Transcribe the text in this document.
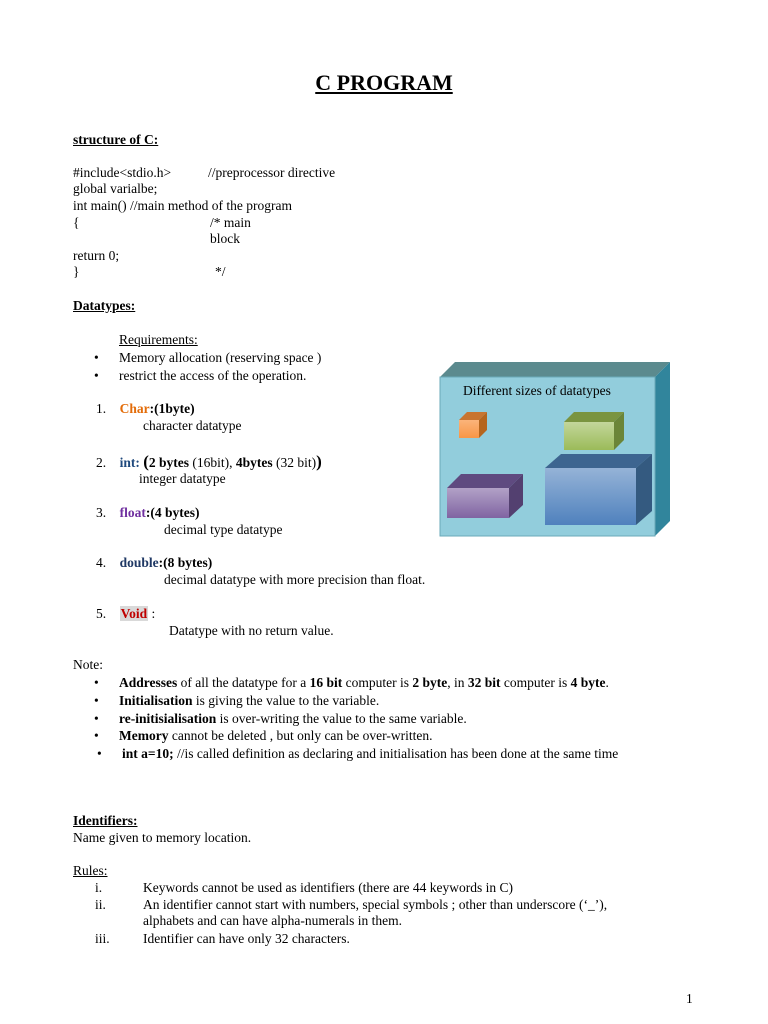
C PROGRAM
structure of C:
#include<stdio.h>	//preprocessor directive
global varialbe;
int main() //main method of the program
{	/* main
block
return 0;
}	*/
Datatypes:
Requirements:
• Memory allocation (reserving space )
• restrict the access of the operation.
1. Char:(1byte)
character datatype
2. int: (2 bytes (16bit), 4bytes (32 bit))
integer datatype
3. float:(4 bytes)
decimal type datatype
4. double:(8 bytes)
decimal datatype with more precision than float.
5. Void :
Datatype with no return value.
Different sizes of datatypes
Note:
• Addresses of all the datatype for a 16 bit computer is 2 byte, in 32 bit computer is 4 byte.
• Initialisation is giving the value to the variable.
• re-initisialisation is over-writing the value to the same variable.
• Memory cannot be deleted , but only can be over-written.
• int a=10; //is called definition as declaring and initialisation has been done at the same time
Identifiers:
Name given to memory location.
Rules:
i.	Keywords cannot be used as identifiers (there are 44 keywords in C)
ii.	An identifier cannot start with numbers, special symbols ; other than underscore (‘_’),
alphabets and can have alpha-numerals in them.
iii.	Identifier can have only 32 characters.
1
